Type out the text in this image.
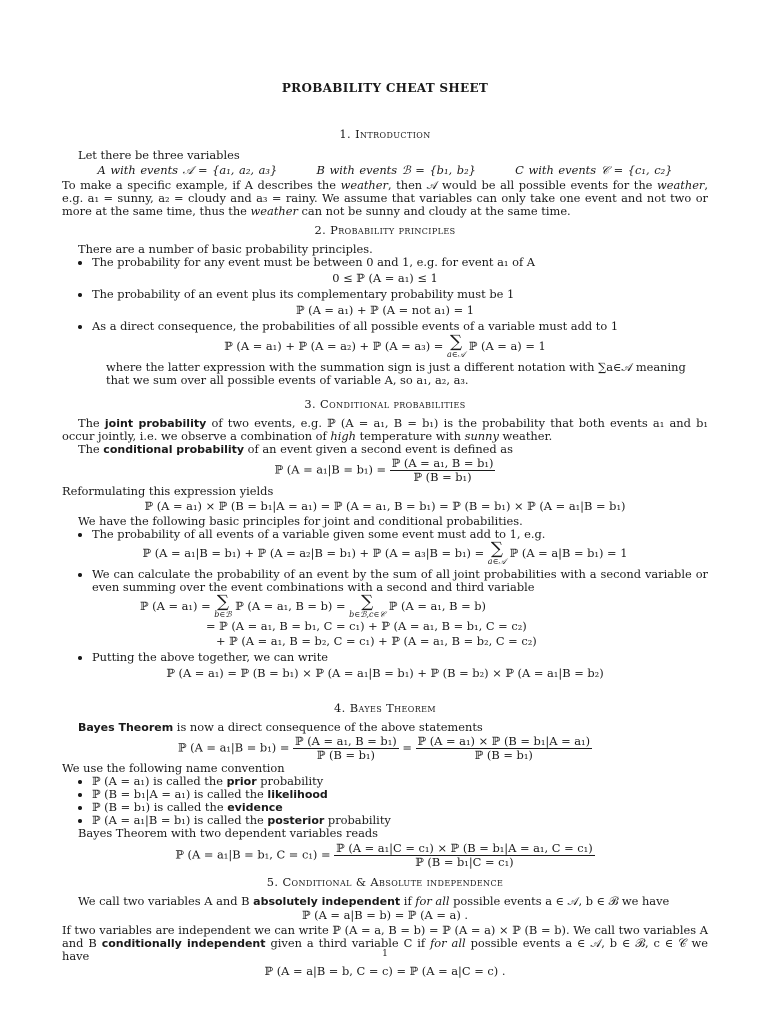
PROBABILITY CHEAT SHEET
1. Introduction

Let there be three variables

A with events 𝒜 = {a₁, a₂, a₃}	B with events ℬ = {b₁, b₂}	C with events 𝒞 = {c₁, c₂}

To make a specific example, if A describes the weather, then 𝒜 would be all possible events for the weather, e.g. a₁ = sunny, a₂ = cloudy and a₃ = rainy. We assume that variables can only take one event and not two or more at the same time, thus the weather can not be sunny and cloudy at the same time.

2. Probability principles

There are a number of basic probability principles.

• The probability for any event must be between 0 and 1, e.g. for event a₁ of A
0 ≤ ℙ (A = a₁) ≤ 1
• The probability of an event plus its complementary probability must be 1
ℙ (A = a₁) + ℙ (A = not a₁) = 1
• As a direct consequence, the probabilities of all possible events of a variable must add to 1
ℙ (A = a₁) + ℙ (A = a₂) + ℙ (A = a₃) = ∑
a∈𝒜
ℙ (A = a) = 1

where the latter expression with the summation sign is just a different notation with ∑a∈𝒜 meaning that we sum over all possible events of variable A, so a₁, a₂, a₃.

3. Conditional probabilities

The joint probability of two events, e.g. ℙ (A = a₁, B = b₁) is the probability that both events a₁ and b₁ occur jointly, i.e. we observe a combination of high temperature with sunny weather.

The conditional probability of an event given a second event is defined as

ℙ $(A = a_1|B = b_1) = \frac{\text{ℙ (A = a₁, B = b₁)}}{\text{ℙ (B = b₁)}}$

Reformulating this expression yields

ℙ (A = a₁) × ℙ (B = b₁|A = a₁) = ℙ (A = a₁, B = b₁) = ℙ (B = b₁) × ℙ (A = a₁|B = b₁)

We have the following basic principles for joint and conditional probabilities.

• The probability of all events of a variable given some event must add to 1, e.g.
ℙ (A = a₁|B = b₁) + ℙ (A = a₂|B = b₁) + ℙ (A = a₃|B = b₁) = ∑
a∈𝒜
ℙ (A = a|B = b₁) = 1
• We can calculate the probability of an event by the sum of all joint probabilities with a second variable or even summing over the event combinations with a second and third variable
ℙ (A = a₁) = ∑
b∈ℬ
ℙ (A = a₁, B = b) = ∑
b∈ℬ,c∈𝒞
ℙ (A = a₁, B = b)
= ℙ (A = a₁, B = b₁, C = c₁) + ℙ (A = a₁, B = b₁, C = c₂)
+ ℙ (A = a₁, B = b₂, C = c₁) + ℙ (A = a₁, B = b₂, C = c₂)
• Putting the above together, we can write
ℙ (A = a₁) = ℙ (B = b₁) × ℙ (A = a₁|B = b₁) + ℙ (B = b₂) × ℙ (A = a₁|B = b₂)
4. Bayes Theorem

Bayes Theorem is now a direct consequence of the above statements

ℙ $(A = a_1|B = b_1) = \frac{\text{ℙ (A = a₁, B = b₁)}}{\text{ℙ (B = b₁)}} = \frac{\text{ℙ (A = a₁) × ℙ (B = b₁|A = a₁)}}{\text{ℙ (B = b₁)}}$

We use the following name convention

• ℙ (A = a₁) is called the prior probability
• ℙ (B = b₁|A = a₁) is called the likelihood
• ℙ (B = b₁) is called the evidence
• ℙ (A = a₁|B = b₁) is called the posterior probability

Bayes Theorem with two dependent variables reads

ℙ (A = a₁|B = b₁, $C = c_1) = \frac{\text{ℙ (A = a₁|C = c₁) × ℙ (B = b₁|A = a₁, C = c₁)}}{\text{ℙ (B = b₁|C = c₁)}}$
5. Conditional & Absolute independence

We call two variables A and B absolutely independent if for all possible events a ∈ 𝒜, b ∈ ℬ we have

ℙ (A = a|B = b) = ℙ (A = a) .

If two variables are independent we can write ℙ (A = a, B = b) = ℙ (A = a) × ℙ (B = b). We call two variables A and B conditionally independent given a third variable C if for all possible events a ∈ 𝒜, b ∈ ℬ, c ∈ 𝒞 we have

ℙ (A = a|B = b, C = c) = ℙ (A = a|C = c) .
1
